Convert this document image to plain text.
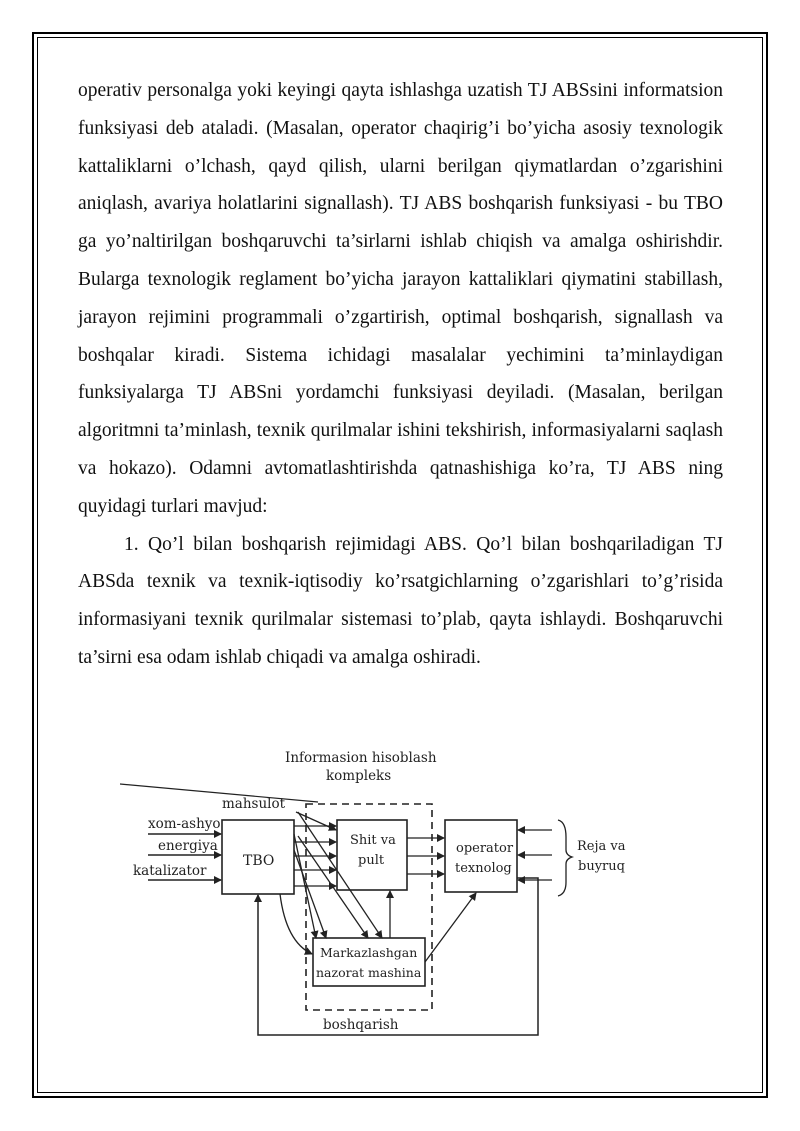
operativ personalga yoki keyingi qayta ishlashga uzatish TJ ABSsini informatsion funksiyasi deb ataladi. (Masalan, operator chaqirig’i bo’yicha asosiy texnologik kattaliklarni o’lchash, qayd qilish, ularni berilgan qiymatlardan o’zgarishini aniqlash, avariya holatlarini signallash). TJ ABS boshqarish funksiyasi - bu TBO ga yo’naltirilgan boshqaruvchi ta’sirlarni ishlab chiqish va amalga oshirishdir. Bularga texnologik reglament bo’yicha jarayon kattaliklari qiymatini stabillash, jarayon rejimini programmali o’zgartirish, optimal boshqarish, signallash va boshqalar kiradi. Sistema ichidagi masalalar yechimini ta’minlaydigan funksiyalarga TJ ABSni yordamchi funksiyasi deyiladi. (Masalan, berilgan algoritmni ta’minlash, texnik qurilmalar ishini tekshirish, informasiyalarni saqlash va hokazo). Odamni avtomatlashtirishda qatnashishiga ko’ra, TJ ABS ning quyidagi turlari mavjud:

1. Qo’l bilan boshqarish rejimidagi ABS. Qo’l bilan boshqariladigan TJ ABSda texnik va texnik-iqtisodiy ko’rsatgichlarning o’zgarishlari to’g’risida informasiyani texnik qurilmalar sistemasi to’plab, qayta ishlaydi. Boshqaruvchi ta’sirni esa odam ishlab chiqadi va amalga oshiradi.

Informasion hisoblash
kompleks
mahsulot
xom-ashyo
energiya
katalizator
TBO
Shit va
pult
operator
texnolog
Reja va
buyruq
Markazlashgan
nazorat mashina
boshqarish
